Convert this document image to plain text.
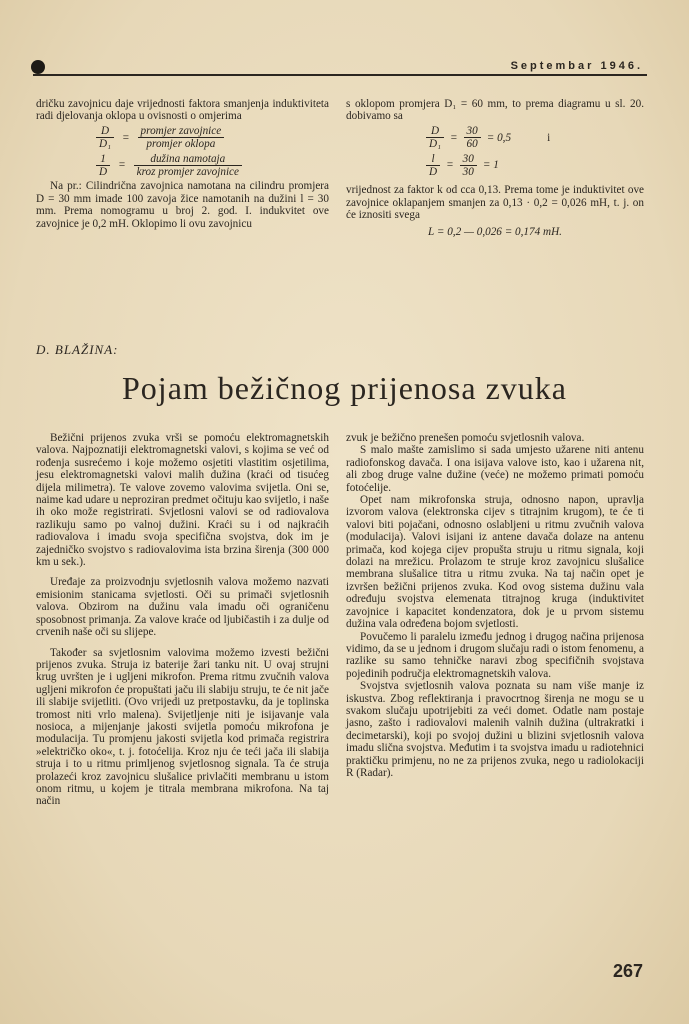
Septembar 1946.

dričku zavojnicu daje vrijednosti faktora smanjenja induktiviteta radi djelovanja oklopa u ovisnosti o omjerima

$\frac{D}{\text{D₁}} = \frac{\text{promjer zavojnice}}{\text{promjer oklopa}}$
$\frac{1}{D} = \frac{\text{dužina namotaja}}{\text{kroz promjer zavojnice}}$

Na pr.: Cilindrična zavojnica namotana na cilindru promjera D = 30 mm imade 100 zavoja žice namotanih na dužini l = 30 mm. Prema nomogramu u broj 2. god. I. indukvitet ove zavojnice je 0,2 mH. Oklopimo li ovu zavojnicu

s oklopom promjera D₁ = 60 mm, to prema diagramu u sl. 20. dobivamo sa

$\frac{D}{\text{D₁}} = \frac{30}{60} = 0,5$	i
$\frac{l}{D} = \frac{30}{30} = 1$

vrijednost za faktor k od cca 0,13. Prema tome je induktivitet ove zavojnice oklapanjem smanjen za 0,13 · 0,2 = 0,026 mH, t. j. on će iznositi svega

L = 0,2 — 0,026 = 0,174 mH.
D. BLAŽINA:
Pojam bežičnog prijenosa zvuka

Bežični prijenos zvuka vrši se pomoću elektromagnetskih valova. Najpoznatiji elektromagnetski valovi, s kojima se već od rođenja susrećemo i koje možemo osjetiti vlastitim osjetilima, jesu elektromagnetski valovi malih dužina (kraći od tisućeg dijela milimetra). Te valove zovemo valovima svijetla. Oni se, naime kad udare u neproziran predmet očituju kao svijetlo, i naše ih oko može registrirati. Svjetlosni valovi se od radiovalova razlikuju samo po valnoj dužini. Kraći su i od najkraćih radiovalova i imadu svoja specifična svojstva, dok im je zajedničko svojstvo s radiovalovima ista brzina širenja (300 000 km u sek.).

Uređaje za proizvodnju svjetlosnih valova možemo nazvati emisionim stanicama svjetlosti. Oči su primači svjetlosnih valova. Obzirom na dužinu vala imadu oči ograničenu sposobnost primanja. Za valove kraće od ljubičastih i za dulje od crvenih naše oči su slijepe.

Također sa svjetlosnim valovima možemo izvesti bežični prijenos zvuka. Struja iz baterije žari tanku nit. U ovaj strujni krug uvršten je i ugljeni mikrofon. Prema ritmu zvučnih valova ugljeni mikrofon će propuštati jaču ili slabiju struju, te će nit jače ili slabije svijetliti. (Ovo vrijedi uz pretpostavku, da je toplinska tromost niti vrlo malena). Svijetljenje niti je isijavanje vala nosioca, a mijenjanje jakosti svijetla pomoću mikrofona je modulacija. Tu promjenu jakosti svijetla kod primača registrira »električko oko«, t. j. fotoćelija. Kroz nju će teći jača ili slabija struja i to u ritmu primljenog svjetlosnog signala. Ta će struja prolazeći kroz zavojnicu slušalice privlačiti membranu u istom onom ritmu, u kojem je titrala membrana mikrofona. Na taj način

zvuk je bežično prenešen pomoću svjetlosnih valova.

S malo mašte zamislimo si sada umjesto užarene niti antenu radiofonskog davača. I ona isijava valove isto, kao i užarena nit, ali zbog druge valne dužine (veće) ne možemo primati pomoću fotoćelije.

Opet nam mikrofonska struja, odnosno napon, upravlja izvorom valova (elektronska cijev s titrajnim krugom), te će ti valovi biti pojačani, odnosno oslabljeni u ritmu zvučnih valova (modulacija). Valovi isijani iz antene davača dolaze na antenu primača, kod kojega cijev propušta struju u ritmu signala, koji dolazi na mrežicu. Prolazom te struje kroz zavojnicu slušalice membrana slušalice titra u ritmu zvuka. Na taj način opet je izvršen bežični prijenos zvuka. Kod ovog sistema dužinu vala određuju svojstva elemenata titrajnog kruga (induktivitet zavojnice i kapacitet kondenzatora, dok je u prvom sistemu dužina vala određena bojom svjetlosti.

Povučemo li paralelu između jednog i drugog načina prijenosa vidimo, da se u jednom i drugom slučaju radi o istom fenomenu, a razlike su samo tehničke naravi zbog specifičnih svojstava pojedinih područja elektromagnetskih valova.

Svojstva svjetlosnih valova poznata su nam više manje iz iskustva. Zbog reflektiranja i pravocrtnog širenja ne mogu se u svakom slučaju upotrijebiti za veći domet. Odatle nam postaje jasno, zašto i radiovalovi malenih valnih dužina (ultrakratki i decimetarski), koji po svojoj dužini u blizini svjetlosnih valova imadu slična svojstva. Međutim i ta svojstva imadu u radiotehnici praktičku primjenu, no ne za prijenos zvuka, nego u radiolokaciji R (Radar).

267
